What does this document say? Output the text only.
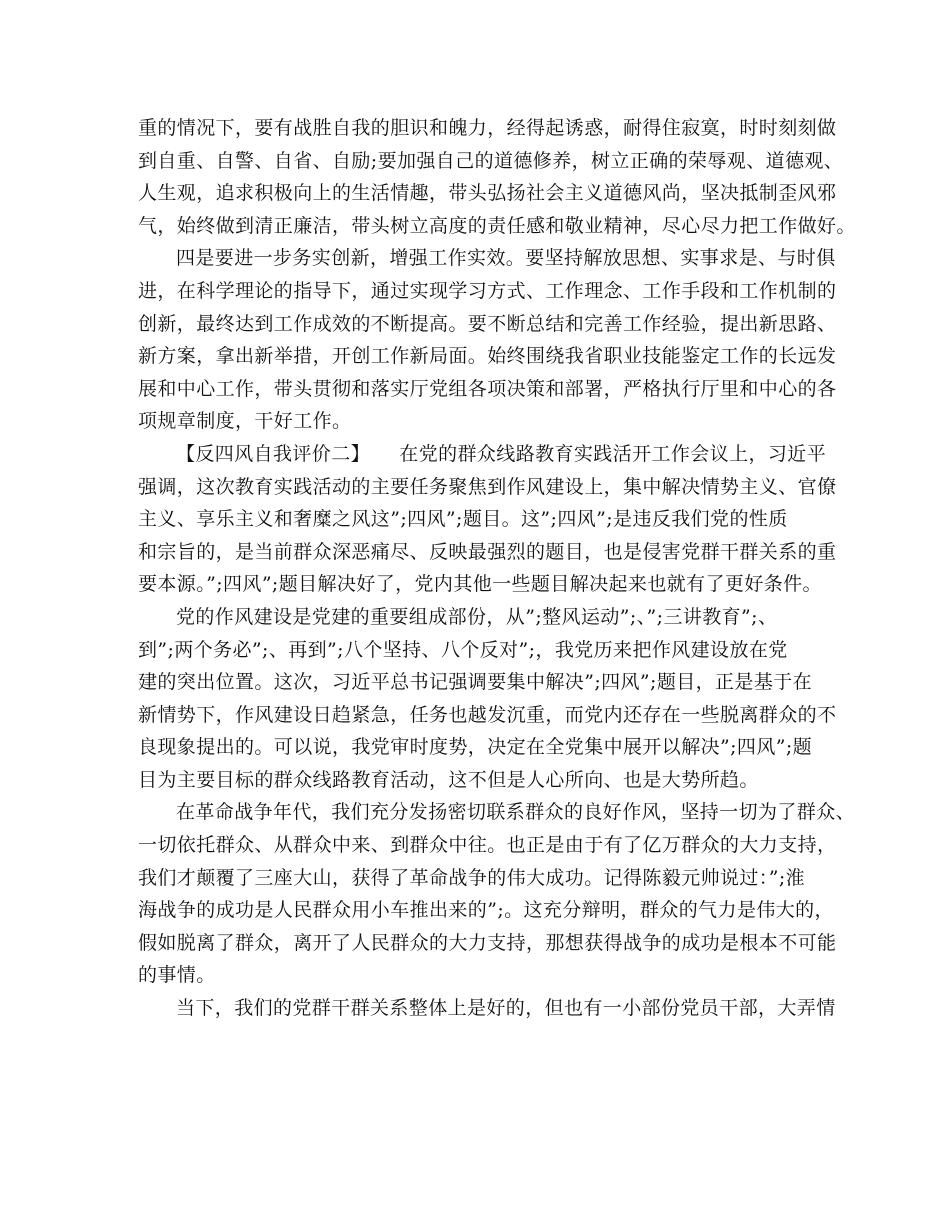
重的情况下，要有战胜自我的胆识和魄力，经得起诱惑，耐得住寂寞，时时刻刻做
到自重、自警、自省、自励;要加强自己的道德修养，树立正确的荣辱观、道德观、
人生观，追求积极向上的生活情趣，带头弘扬社会主义道德风尚，坚决抵制歪风邪
气，始终做到清正廉洁，带头树立高度的责任感和敬业精神，尽心尽力把工作做好。
四是要进一步务实创新，增强工作实效。要坚持解放思想、实事求是、与时俱
进，在科学理论的指导下，通过实现学习方式、工作理念、工作手段和工作机制的
创新，最终达到工作成效的不断提高。要不断总结和完善工作经验，提出新思路、
新方案，拿出新举措，开创工作新局面。始终围绕我省职业技能鉴定工作的长远发
展和中心工作，带头贯彻和落实厅党组各项决策和部署，严格执行厅里和中心的各
项规章制度，干好工作。
【反四风自我评价二】　　在党的群众线路教育实践活开工作会议上，习近平
强调，这次教育实践活动的主要任务聚焦到作风建设上，集中解决情势主义、官僚
主义、享乐主义和奢糜之风这”;四风”;题目。这”;四风”;是违反我们党的性质
和宗旨的，是当前群众深恶痛尽、反映最强烈的题目，也是侵害党群干群关系的重
要本源。”;四风”;题目解决好了，党内其他一些题目解决起来也就有了更好条件。
党的作风建设是党建的重要组成部份，从”;整风运动”;、”;三讲教育”;、
到”;两个务必”;、再到”;八个坚持、八个反对”;，我党历来把作风建设放在党
建的突出位置。这次，习近平总书记强调要集中解决”;四风”;题目，正是基于在
新情势下，作风建设日趋紧急，任务也越发沉重，而党内还存在一些脱离群众的不
良现象提出的。可以说，我党审时度势，决定在全党集中展开以解决”;四风”;题
目为主要目标的群众线路教育活动，这不但是人心所向、也是大势所趋。
在革命战争年代，我们充分发扬密切联系群众的良好作风，坚持一切为了群众、
一切依托群众、从群众中来、到群众中往。也正是由于有了亿万群众的大力支持，
我们才颠覆了三座大山，获得了革命战争的伟大成功。记得陈毅元帅说过：”;淮
海战争的成功是人民群众用小车推出来的”;。这充分辩明，群众的气力是伟大的，
假如脱离了群众，离开了人民群众的大力支持，那想获得战争的成功是根本不可能
的事情。
当下，我们的党群干群关系整体上是好的，但也有一小部份党员干部，大弄情
